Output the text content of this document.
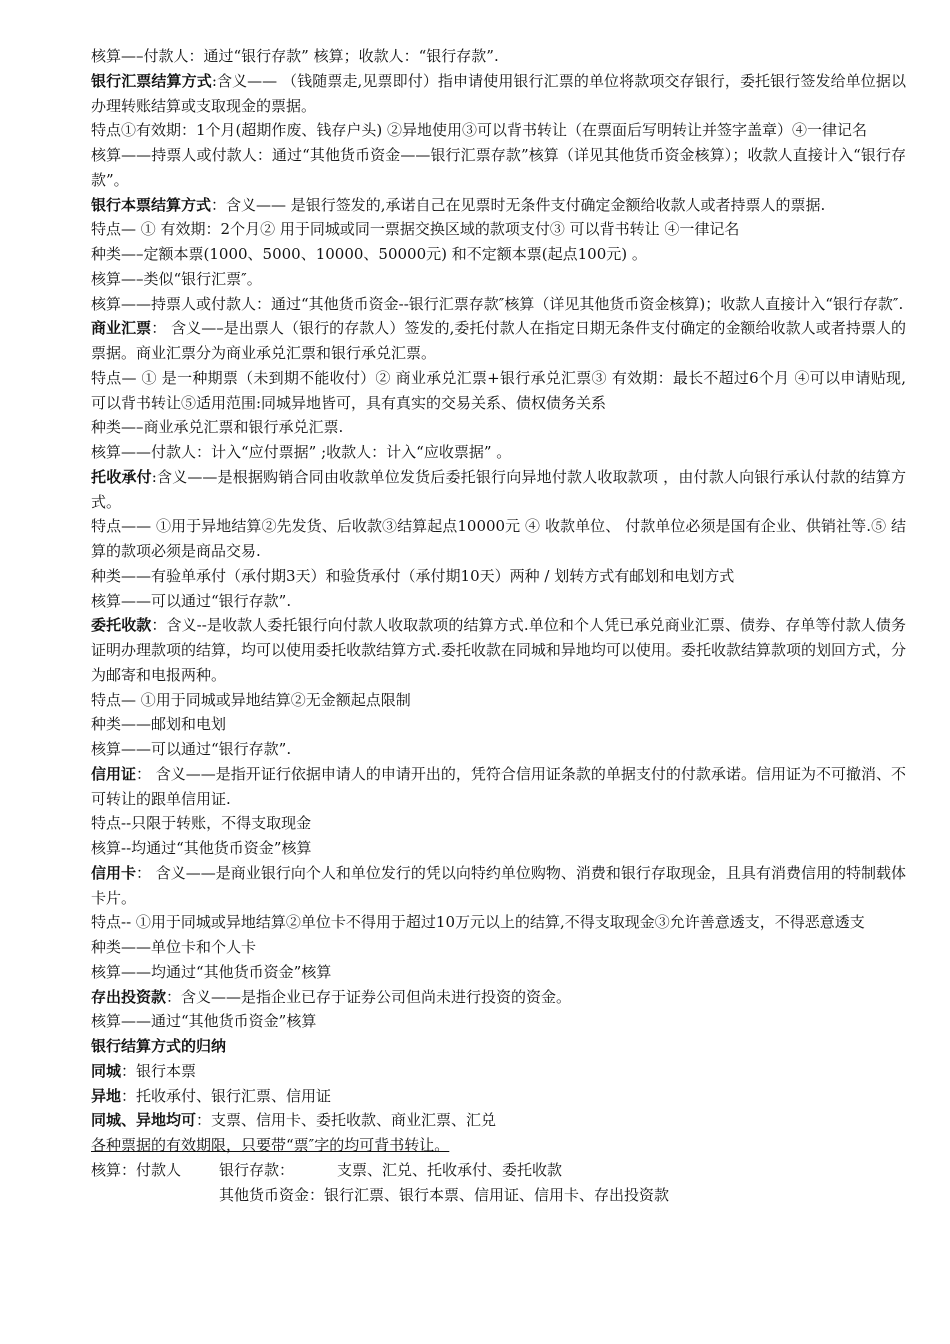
核算—–付款人：通过“银行存款” 核算；收款人：“银行存款”.
银行汇票结算方式:含义—— （钱随票走,见票即付）指申请使用银行汇票的单位将款项交存银行，委托银行签发给单位据以办理转账结算或支取现金的票据。
特点①有效期：1个月(超期作废、钱存户头) ②异地使用③可以背书转让（在票面后写明转让并签字盖章）④一律记名
核算——持票人或付款人：通过“其他货币资金——银行汇票存款”核算（详见其他货币资金核算）；收款人直接计入“银行存款”。
银行本票结算方式：含义—— 是银行签发的,承诺自己在见票时无条件支付确定金额给收款人或者持票人的票据.
特点— ① 有效期：2个月② 用于同城或同一票据交换区域的款项支付③ 可以背书转让 ④一律记名
种类—–定额本票(1000、5000、10000、50000元) 和不定额本票(起点100元) 。
核算—–类似“银行汇票″。
核算——持票人或付款人：通过“其他货币资金--银行汇票存款″核算（详见其他货币资金核算)；收款人直接计入“银行存款″.
商业汇票： 含义—–是出票人（银行的存款人）签发的,委托付款人在指定日期无条件支付确定的金额给收款人或者持票人的票据。商业汇票分为商业承兑汇票和银行承兑汇票。
特点— ① 是一种期票（未到期不能收付）② 商业承兑汇票+银行承兑汇票③ 有效期：最长不超过6个月 ④可以申请贴现,可以背书转让⑤适用范围:同城异地皆可，具有真实的交易关系、债权债务关系
种类—–商业承兑汇票和银行承兑汇票.
核算——付款人：计入“应付票据” ;收款人：计入“应收票据” 。
托收承付:含义——是根据购销合同由收款单位发货后委托银行向异地付款人收取款项 ，由付款人向银行承认付款的结算方式。
特点—— ①用于异地结算②先发货、后收款③结算起点10000元 ④ 收款单位、 付款单位必须是国有企业、供销社等.⑤ 结算的款项必须是商品交易.
种类——有验单承付（承付期3天）和验货承付（承付期10天）两种 / 划转方式有邮划和电划方式
核算——可以通过“银行存款”.
委托收款：含义--是收款人委托银行向付款人收取款项的结算方式.单位和个人凭已承兑商业汇票、债券、存单等付款人债务证明办理款项的结算，均可以使用委托收款结算方式.委托收款在同城和异地均可以使用。委托收款结算款项的划回方式，分为邮寄和电报两种。
特点— ①用于同城或异地结算②无金额起点限制
种类——邮划和电划
核算——可以通过“银行存款”.
信用证： 含义——是指开证行依据申请人的申请开出的，凭符合信用证条款的单据支付的付款承诺。信用证为不可撤消、不可转让的跟单信用证.
特点--只限于转账，不得支取现金
核算--均通过“其他货币资金”核算
信用卡： 含义——是商业银行向个人和单位发行的凭以向特约单位购物、消费和银行存取现金，且具有消费信用的特制载体卡片。
特点-- ①用于同城或异地结算②单位卡不得用于超过10万元以上的结算,不得支取现金③允许善意透支，不得恶意透支
种类——单位卡和个人卡
核算——均通过“其他货币资金”核算
存出投资款：含义——是指企业已存于证券公司但尚未进行投资的资金。
核算——通过“其他货币资金”核算
银行结算方式的归纳
同城：银行本票
异地：托收承付、银行汇票、信用证
同城、异地均可：支票、信用卡、委托收款、商业汇票、汇兑
各种票据的有效期限，只要带“票″字的均可背书转让。
核算：付款人	银行存款：	支票、汇兑、托收承付、委托收款
其他货币资金：银行汇票、银行本票、信用证、信用卡、存出投资款
